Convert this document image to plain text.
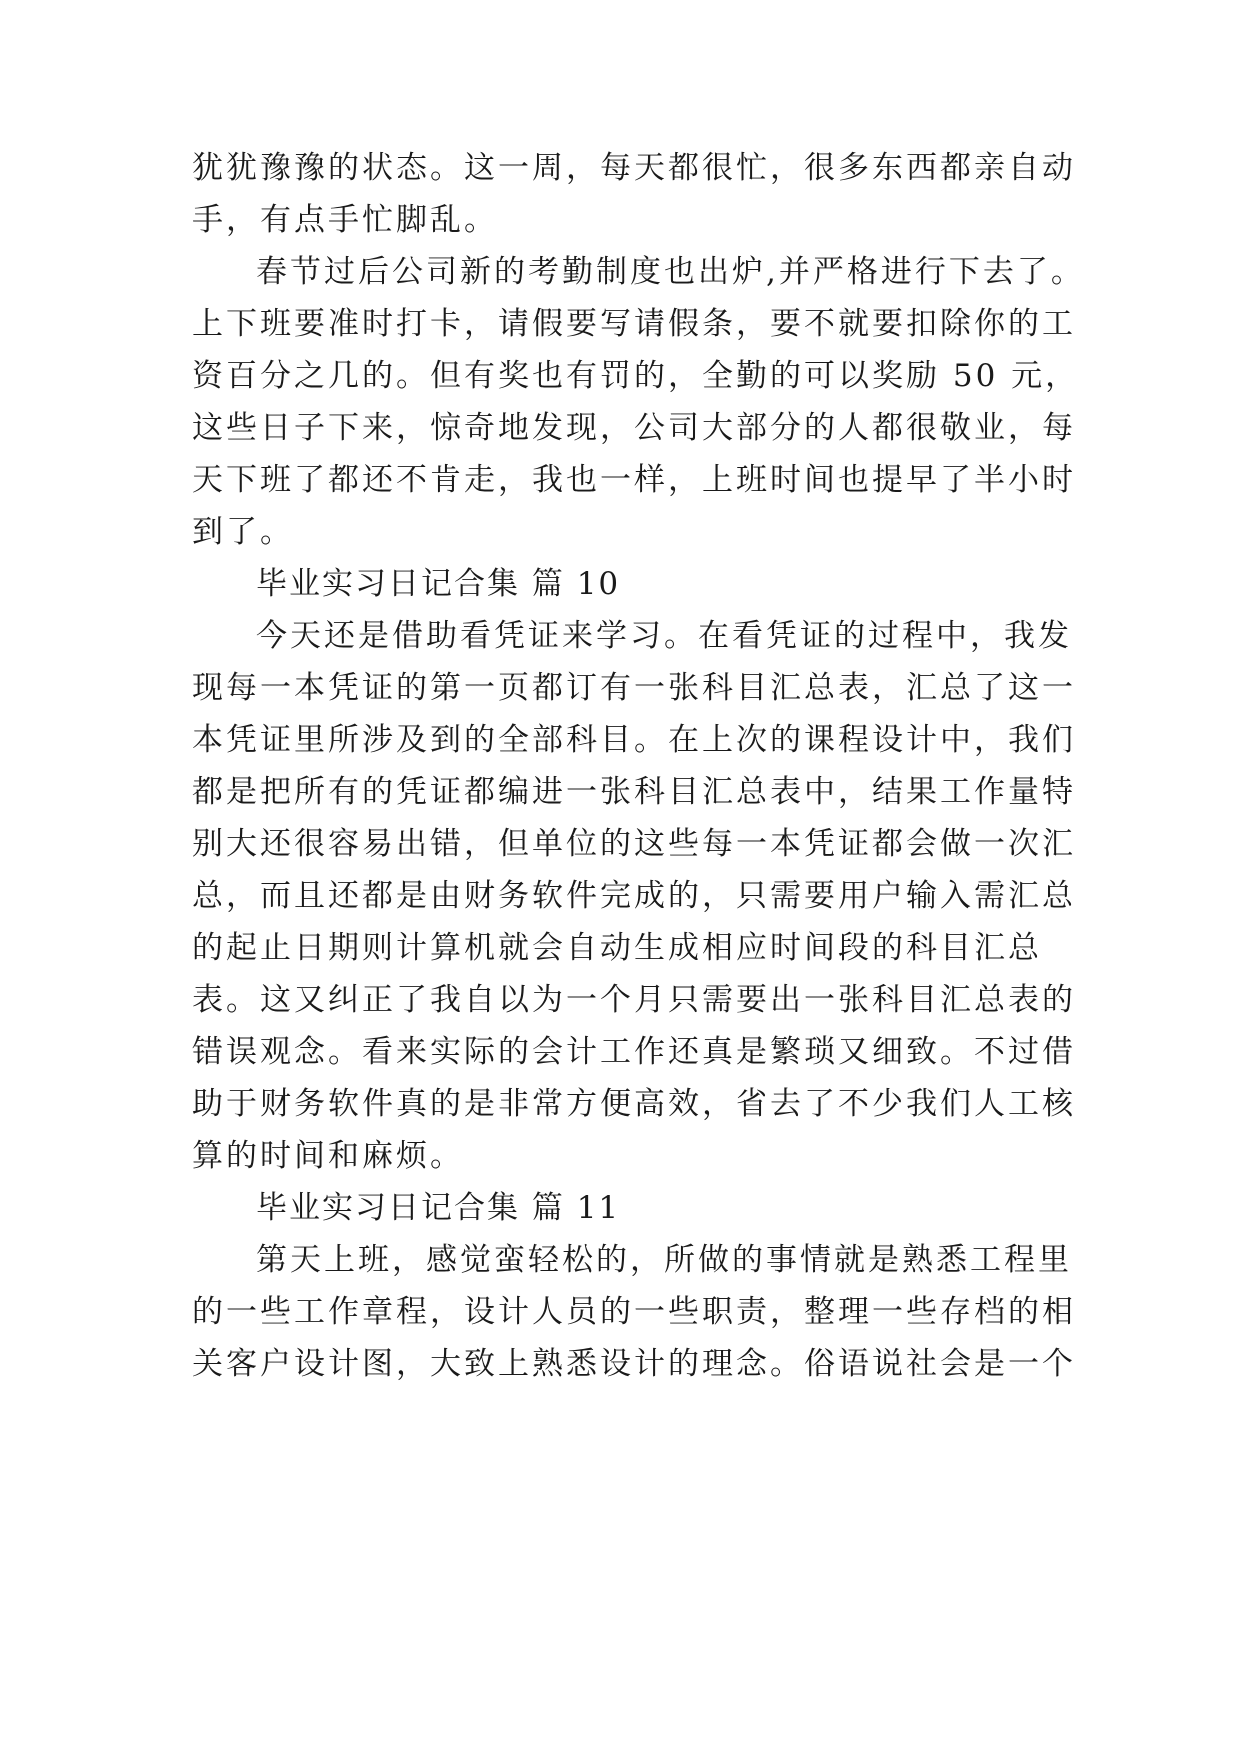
犹犹豫豫的状态。这一周，每天都很忙，很多东西都亲自动
手，有点手忙脚乱。
春节过后公司新的考勤制度也出炉,并严格进行下去了。
上下班要准时打卡，请假要写请假条，要不就要扣除你的工
资百分之几的。但有奖也有罚的，全勤的可以奖励 50 元，
这些日子下来，惊奇地发现，公司大部分的人都很敬业，每
天下班了都还不肯走，我也一样，上班时间也提早了半小时
到了。
毕业实习日记合集 篇 10
今天还是借助看凭证来学习。在看凭证的过程中，我发
现每一本凭证的第一页都订有一张科目汇总表，汇总了这一
本凭证里所涉及到的全部科目。在上次的课程设计中，我们
都是把所有的凭证都编进一张科目汇总表中，结果工作量特
别大还很容易出错，但单位的这些每一本凭证都会做一次汇
总，而且还都是由财务软件完成的，只需要用户输入需汇总
的起止日期则计算机就会自动生成相应时间段的科目汇总
表。这又纠正了我自以为一个月只需要出一张科目汇总表的
错误观念。看来实际的会计工作还真是繁琐又细致。不过借
助于财务软件真的是非常方便高效，省去了不少我们人工核
算的时间和麻烦。
毕业实习日记合集 篇 11
第天上班，感觉蛮轻松的，所做的事情就是熟悉工程里
的一些工作章程，设计人员的一些职责，整理一些存档的相
关客户设计图，大致上熟悉设计的理念。俗语说社会是一个
